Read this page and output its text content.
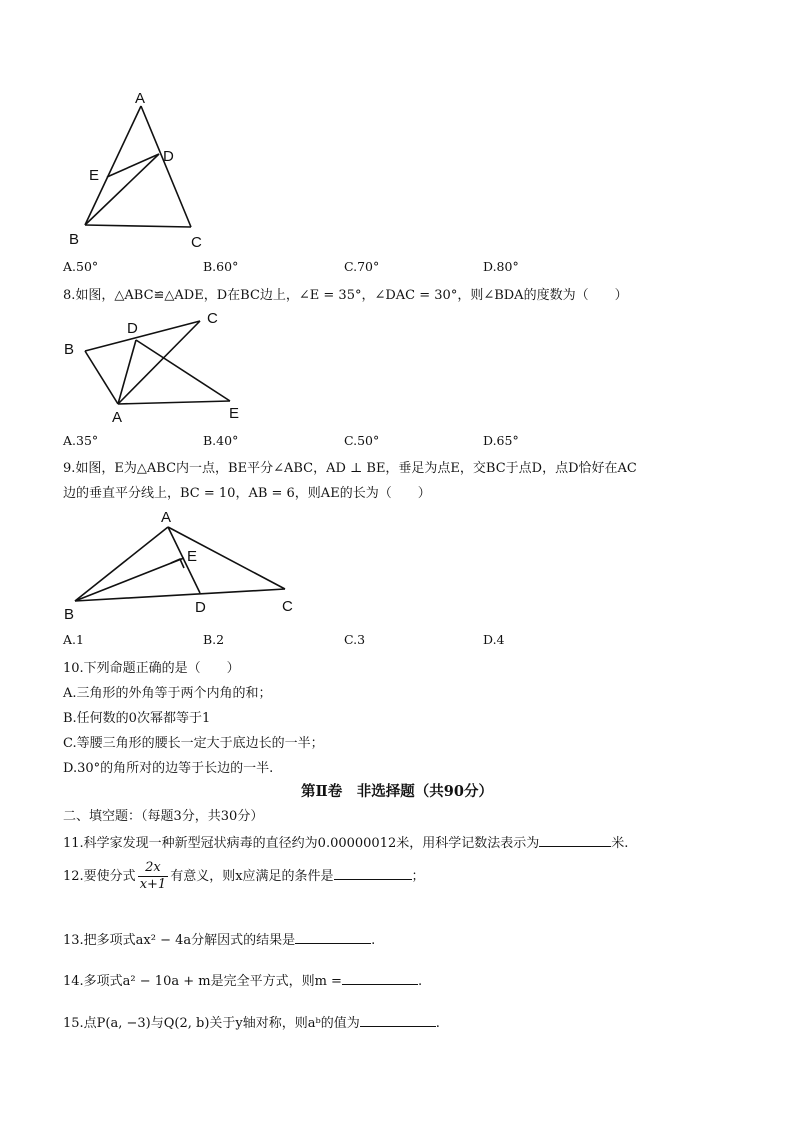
A
D
E
B	C
A.50°	B.60°	C.70°	D.80°
8.如图，△ABC≌△ADE，D在BC边上，∠E = 35°，∠DAC = 30°，则∠BDA的度数为（　　）
B
D
C
A	E
A.35°	B.40°	C.50°	D.65°
9.如图，E为△ABC内一点，BE平分∠ABC，AD ⊥ BE，垂足为点E，交BC于点D，点D恰好在AC
边的垂直平分线上，BC = 10，AB = 6，则AE的长为（　　）
A
E
B	D	C
A.1	B.2	C.3	D.4
10.下列命题正确的是（　　）
A.三角形的外角等于两个内角的和；
B.任何数的0次幂都等于1
C.等腰三角形的腰长一定大于底边长的一半；
D.30°的角所对的边等于长边的一半.
第Ⅱ卷　非选择题（共90分）
二、填空题：（每题3分，共30分）
11.科学家发现一种新型冠状病毒的直径约为0.00000012米，用科学记数法表示为	米.
12.要使分式 $\frac{2x}{x+1}$ 有意义，则x应满足的条件是	；
13.把多项式ax² − 4a分解因式的结果是	.
14.多项式a² − 10a + m是完全平方式，则m =	.
15.点P(a, −3)与Q(2, b)关于y轴对称，则aᵇ的值为	.
